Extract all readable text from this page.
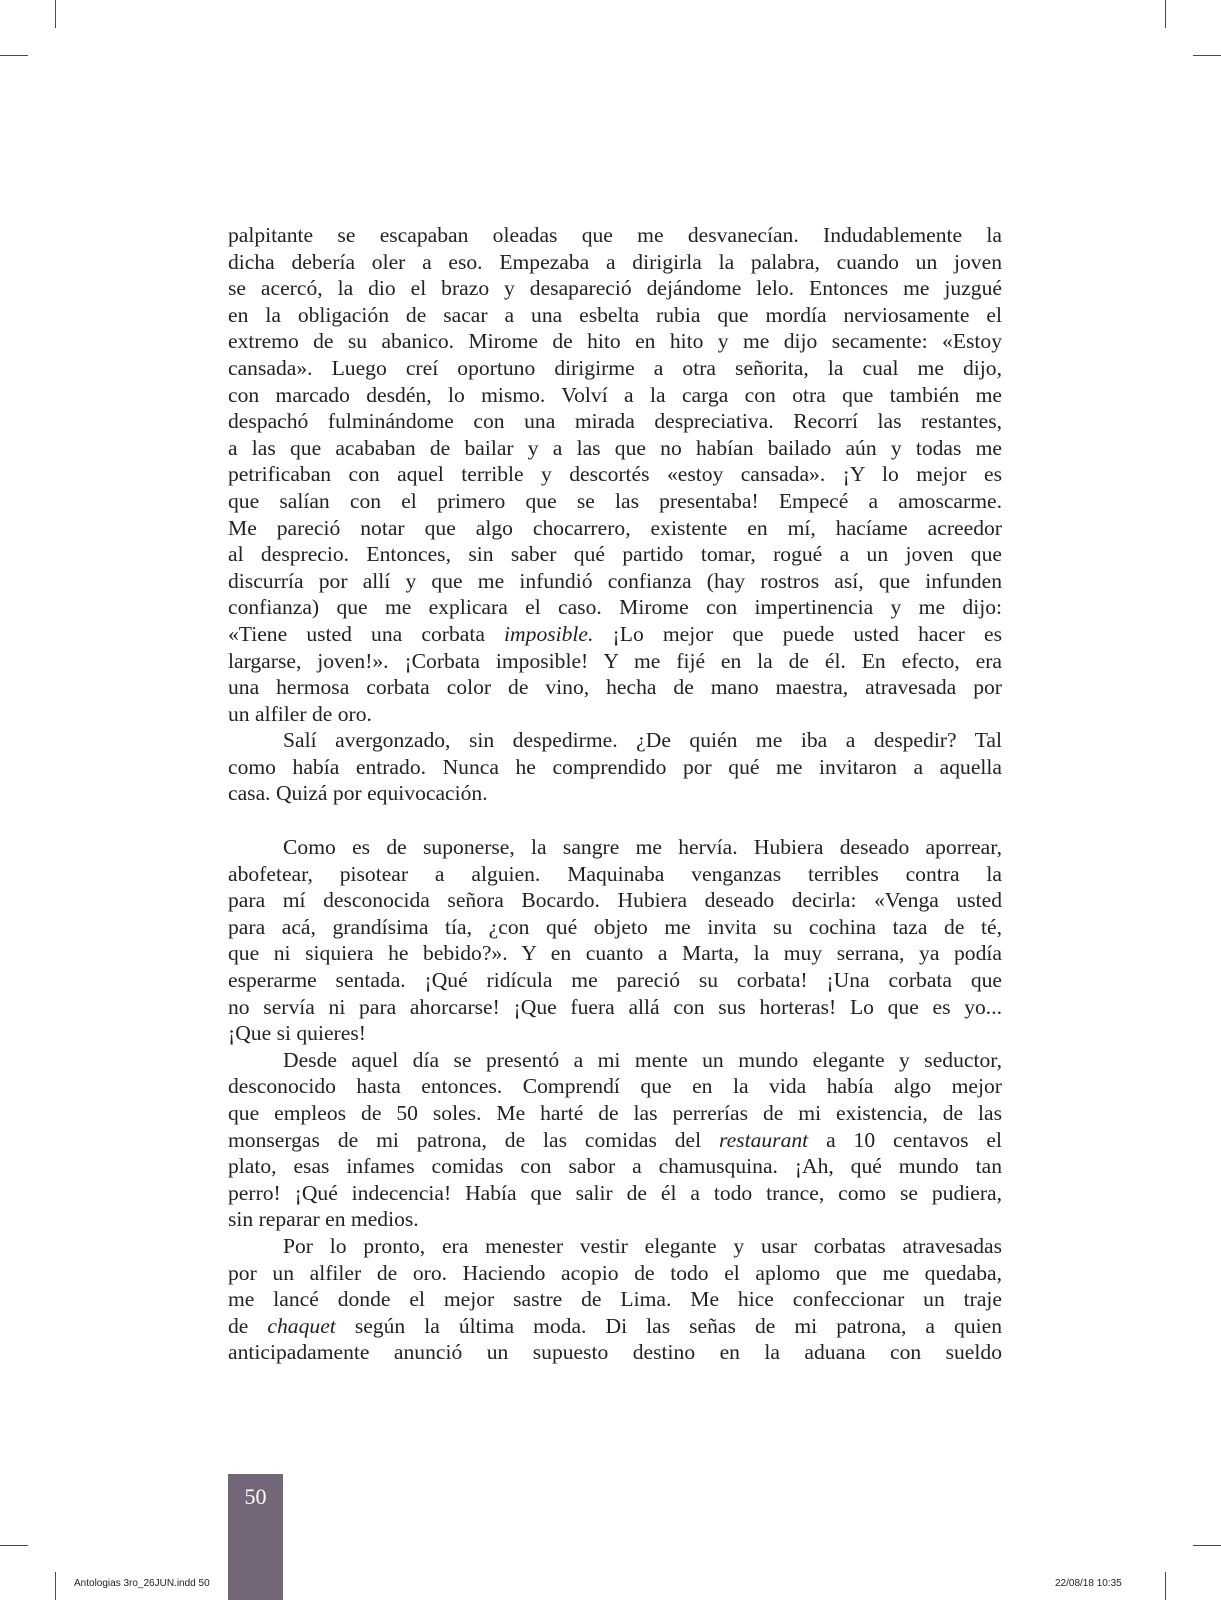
palpitante se escapaban oleadas que me desvanecían. Indudablemente la
dicha debería oler a eso. Empezaba a dirigirla la palabra, cuando un joven
se acercó, la dio el brazo y desapareció dejándome lelo. Entonces me juzgué
en la obligación de sacar a una esbelta rubia que mordía nerviosamente el
extremo de su abanico. Mirome de hito en hito y me dijo secamente: «Estoy
cansada». Luego creí oportuno dirigirme a otra señorita, la cual me dijo,
con marcado desdén, lo mismo. Volví a la carga con otra que también me
despachó fulminándome con una mirada despreciativa. Recorrí las restantes,
a las que acababan de bailar y a las que no habían bailado aún y todas me
petrificaban con aquel terrible y descortés «estoy cansada». ¡Y lo mejor es
que salían con el primero que se las presentaba! Empecé a amoscarme.
Me pareció notar que algo chocarrero, existente en mí, hacíame acreedor
al desprecio. Entonces, sin saber qué partido tomar, rogué a un joven que
discurría por allí y que me infundió confianza (hay rostros así, que infunden
confianza) que me explicara el caso. Mirome con impertinencia y me dijo:
«Tiene usted una corbata imposible. ¡Lo mejor que puede usted hacer es
largarse, joven!». ¡Corbata imposible! Y me fijé en la de él. En efecto, era
una hermosa corbata color de vino, hecha de mano maestra, atravesada por
un alfiler de oro.
Salí avergonzado, sin despedirme. ¿De quién me iba a despedir? Tal
como había entrado. Nunca he comprendido por qué me invitaron a aquella
casa. Quizá por equivocación.
Como es de suponerse, la sangre me hervía. Hubiera deseado aporrear,
abofetear, pisotear a alguien. Maquinaba venganzas terribles contra la
para mí desconocida señora Bocardo. Hubiera deseado decirla: «Venga usted
para acá, grandísima tía, ¿con qué objeto me invita su cochina taza de té,
que ni siquiera he bebido?». Y en cuanto a Marta, la muy serrana, ya podía
esperarme sentada. ¡Qué ridícula me pareció su corbata! ¡Una corbata que
no servía ni para ahorcarse! ¡Que fuera allá con sus horteras! Lo que es yo...
¡Que si quieres!
Desde aquel día se presentó a mi mente un mundo elegante y seductor,
desconocido hasta entonces. Comprendí que en la vida había algo mejor
que empleos de 50 soles. Me harté de las perrerías de mi existencia, de las
monsergas de mi patrona, de las comidas del restaurant a 10 centavos el
plato, esas infames comidas con sabor a chamusquina. ¡Ah, qué mundo tan
perro! ¡Qué indecencia! Había que salir de él a todo trance, como se pudiera,
sin reparar en medios.
Por lo pronto, era menester vestir elegante y usar corbatas atravesadas
por un alfiler de oro. Haciendo acopio de todo el aplomo que me quedaba,
me lancé donde el mejor sastre de Lima. Me hice confeccionar un traje
de chaquet según la última moda. Di las señas de mi patrona, a quien
anticipadamente anunció un supuesto destino en la aduana con sueldo
50
Antologias 3ro_26JUN.indd 50	22/08/18 10:35
